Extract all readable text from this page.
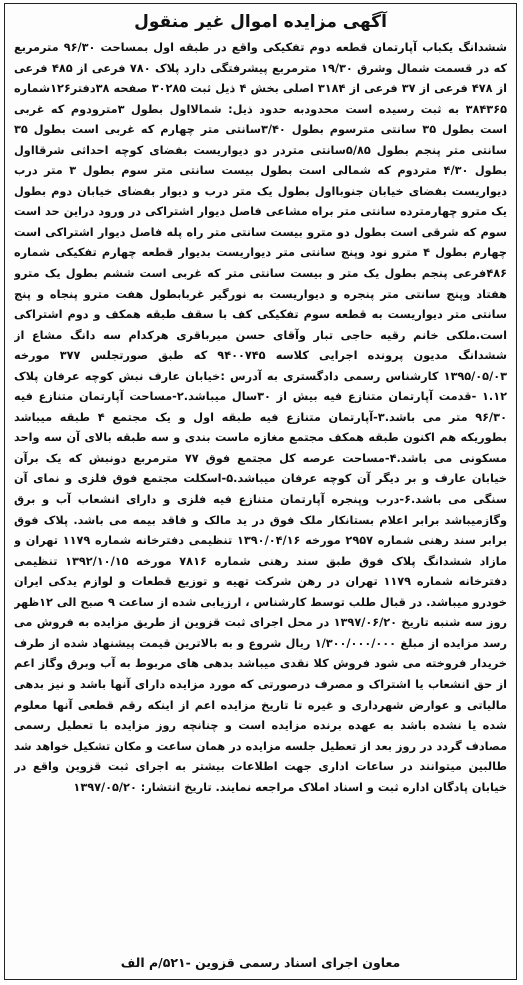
آگهی مزایده اموال غیر منقول

ششدانگ یکباب آپارتمان قطعه دوم تفکیکی واقع در طبقه اول بمساحت ۹۶/۳۰ مترمربع که در قسمت شمال وشرق ۱۹/۳۰ مترمربع پیشرفتگی دارد پلاک ۷۸۰ فرعی از ۴۸۵ فرعی از ۴۷۸ فرعی از ۳۷ فرعی از ۳۱۸۴ اصلی بخش ۴ ذیل ثبت ۳۰۲۸۵ صفحه ۳۸دفتر۱۲۶شماره ۳۸۴۳۶۵ به ثبت رسیده است محدودبه حدود ذیل: شمالااول بطول ۳مترودوم که غربی است بطول ۳۵ سانتی مترسوم بطول ۳/۴۰سانتی متر چهارم که غربی است بطول ۳۵ سانتی متر پنجم بطول ۵/۸۵سانتی متردر دو دیواریست بفضای کوچه احداثی شرقااول بطول ۴/۳۰ متردوم که شمالی است بطول بیست سانتی متر سوم بطول ۳ متر درب دیواریست بفضای خیابان جنوبااول بطول یک متر درب و دیوار بفضای خیابان دوم بطول یک مترو چهارمترده سانتی متر براه مشاعی فاصل دیوار اشتراکی در ورود دراین حد است سوم که شرقی است بطول دو مترو بیست سانتی متر راه پله فاصل دیوار اشتراکی است چهارم بطول ۴ مترو نود وپنج سانتی متر دیواریست بدیوار قطعه چهارم تفکیکی شماره ۴۸۶فرعی پنجم بطول یک متر و بیست سانتی متر که غربی است ششم بطول یک مترو هفتاد وپنج سانتی متر پنجره و دیواریست به نورگیر غربابطول هفت مترو پنجاه و پنج سانتی متر دیواریست به قطعه سوم تفکیکی کف با سقف طبقه همکف و دوم اشتراکی است.ملکی خانم رقیه حاجی تبار وآقای حسن میرباقری هرکدام سه دانگ مشاع از ششدانگ مدیون پرونده اجرایی کلاسه ۹۴۰۰۷۴۵ که طبق صورتجلس ۳۷۷ مورخه ۱۳۹۵/۰۵/۰۳ کارشناس رسمی دادگستری به آدرس :خیابان عارف نبش کوچه عرفان پلاک ۱.۱۲ -قدمت آپارتمان متنازع فیه بیش از ۳۰سال میباشد.۲-مساحت آپارتمان متنازع فیه ۹۶/۳۰ متر می باشد.۳-آپارتمان متنازع فیه طبقه اول و یک مجتمع ۴ طبقه میباشد بطوریکه هم اکنون طبقه همکف مجتمع مغازه ماست بندی و سه طبقه بالای آن سه واحد مسکونی می باشد.۴-مساحت عرصه کل مجتمع فوق ۷۷ مترمربع دونبش که یک برآن خیابان عارف و بر دیگر آن کوچه عرفان میباشد.۵-اسکلت مجتمع فوق فلزی و نمای آن سنگی می باشد.۶-درب وپنجره آپارتمان متنازع فیه فلزی و دارای انشعاب آب و برق وگازمیباشد برابر اعلام بستانکار ملک فوق در ید مالک و فاقد بیمه می باشد. پلاک فوق برابر سند رهنی شماره ۲۹۵۷ مورخه ۱۳۹۰/۰۴/۱۶ تنظیمی دفترخانه شماره ۱۱۷۹ تهران و مازاد ششدانگ پلاک فوق طبق سند رهنی شماره ۷۸۱۶ مورخه ۱۳۹۲/۱۰/۱۵ تنظیمی دفترخانه شماره ۱۱۷۹ تهران در رهن شرکت تهیه و توزیع قطعات و لوازم یدکی ایران خودرو میباشد. در قبال طلب توسط کارشناس ، ارزیابی شده از ساعت ۹ صبح الی ۱۲ظهر روز سه شنبه تاریخ ۱۳۹۷/۰۶/۲۰ در محل اجرای ثبت قزوین از طریق مزایده به فروش می رسد مزایده از مبلغ ۱/۳۰۰/۰۰۰/۰۰۰ ریال شروع و به بالاترین قیمت پیشنهاد شده از طرف خریدار فروخته می شود فروش کلا نقدی میباشد بدهی های مربوط به آب وبرق وگاز اعم از حق انشعاب یا اشتراک و مصرف درصورتی که مورد مزایده دارای آنها باشد و نیز بدهی مالیاتی و عوارض شهرداری و غیره تا تاریخ مزایده اعم از اینکه رقم قطعی آنها معلوم شده یا نشده باشد به عهده برنده مزایده است و چنانچه روز مزایده با تعطیل رسمی مصادف گردد در روز بعد از تعطیل جلسه مزایده در همان ساعت و مکان تشکیل خواهد شد طالبین میتوانند در ساعات اداری جهت اطلاعات بیشتر به اجرای ثبت قزوین واقع در خیابان پادگان اداره ثبت و اسناد املاک مراجعه نمایند. تاریخ انتشار: ۱۳۹۷/۰۵/۲۰

معاون اجرای اسناد رسمی قزوین -۵۲۱/م الف
